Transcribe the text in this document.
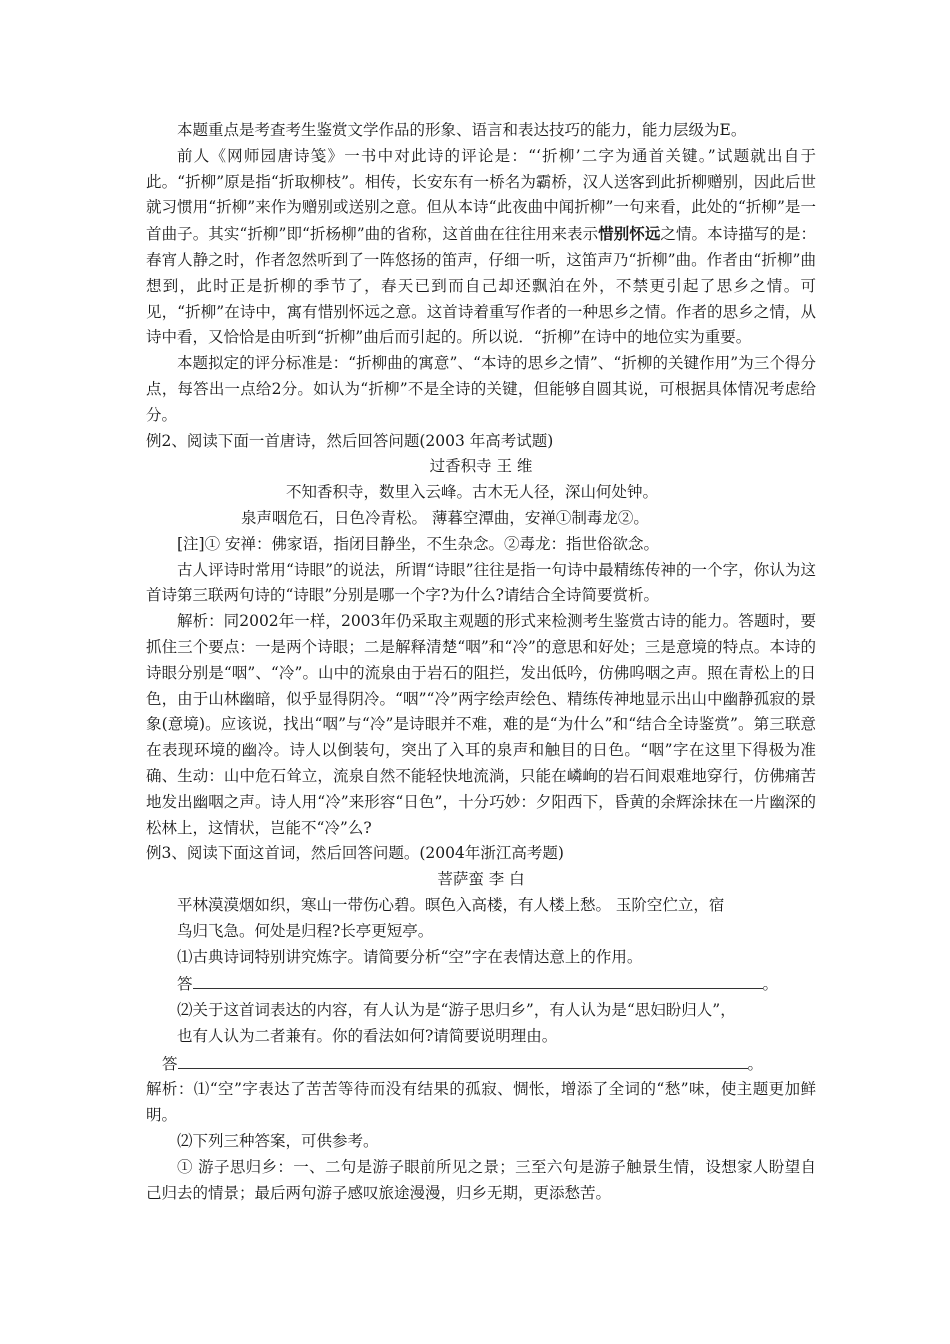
本题重点是考查考生鉴赏文学作品的形象、语言和表达技巧的能力，能力层级为E。

前人《网师园唐诗笺》一书中对此诗的评论是：“‘折柳’二字为通首关键。”试题就出自于此。“折柳”原是指“折取柳枝”。相传，长安东有一桥名为霸桥，汉人送客到此折柳赠别，因此后世就习惯用“折柳”来作为赠别或送别之意。但从本诗“此夜曲中闻折柳”一句来看，此处的“折柳”是一首曲子。其实“折柳”即“折杨柳”曲的省称，这首曲在往往用来表示惜别怀远之情。本诗描写的是：春宵人静之时，作者忽然听到了一阵悠扬的笛声，仔细一听，这笛声乃“折柳”曲。作者由“折柳”曲想到，此时正是折柳的季节了，春天已到而自己却还飘泊在外，不禁更引起了思乡之情。可见，“折柳”在诗中，寓有惜别怀远之意。这首诗着重写作者的一种思乡之情。作者的思乡之情，从诗中看，又恰恰是由听到“折柳”曲后而引起的。所以说．“折柳”在诗中的地位实为重要。

本题拟定的评分标准是：“折柳曲的寓意”、“本诗的思乡之情”、“折柳的关键作用”为三个得分点，每答出一点给2分。如认为“折柳”不是全诗的关键，但能够自圆其说，可根据具体情况考虑给分。

例2、阅读下面一首唐诗，然后回答问题(2003 年高考试题)

过香积寺 王 维

不知香积寺，数里入云峰。古木无人径，深山何处钟。

泉声咽危石，日色冷青松。 薄暮空潭曲，安禅①制毒龙②。

[注]① 安禅：佛家语，指闭目静坐，不生杂念。②毒龙：指世俗欲念。

古人评诗时常用“诗眼”的说法，所谓“诗眼”往往是指一句诗中最精练传神的一个字，你认为这首诗第三联两句诗的“诗眼”分别是哪一个字?为什么?请结合全诗简要赏析。

解析：同2002年一样，2003年仍采取主观题的形式来检测考生鉴赏古诗的能力。答题时，要抓住三个要点：一是两个诗眼；二是解释清楚“咽”和“冷”的意思和好处；三是意境的特点。本诗的诗眼分别是“咽”、“冷”。山中的流泉由于岩石的阻拦，发出低吟，仿佛呜咽之声。照在青松上的日色，由于山林幽暗，似乎显得阴冷。“咽”“冷”两字绘声绘色、精练传神地显示出山中幽静孤寂的景象(意境)。应该说，找出“咽”与“冷”是诗眼并不难，难的是“为什么”和“结合全诗鉴赏”。第三联意在表现环境的幽冷。诗人以倒装句，突出了入耳的泉声和触目的日色。“咽”字在这里下得极为准确、生动：山中危石耸立，流泉自然不能轻快地流淌，只能在嶙峋的岩石间艰难地穿行，仿佛痛苦地发出幽咽之声。诗人用“冷”来形容“日色”，十分巧妙：夕阳西下，昏黄的余辉涂抹在一片幽深的松林上，这情状，岂能不“冷”么?

例3、阅读下面这首词，然后回答问题。(2004年浙江高考题)

菩萨蛮 李 白

平林漠漠烟如织，寒山一带伤心碧。暝色入高楼，有人楼上愁。 玉阶空伫立，宿

鸟归飞急。何处是归程?长亭更短亭。

⑴古典诗词特别讲究炼字。请简要分析“空”字在表情达意上的作用。

答	。

⑵关于这首词表达的内容，有人认为是“游子思归乡”，有人认为是“思妇盼归人”，

也有人认为二者兼有。你的看法如何?请简要说明理由。

答	。

解析：⑴“空”字表达了苦苦等待而没有结果的孤寂、惆怅，增添了全词的“愁”味，使主题更加鲜明。

⑵下列三种答案，可供参考。

① 游子思归乡：一、二句是游子眼前所见之景；三至六句是游子触景生情，设想家人盼望自己归去的情景；最后两句游子感叹旅途漫漫，归乡无期，更添愁苦。
